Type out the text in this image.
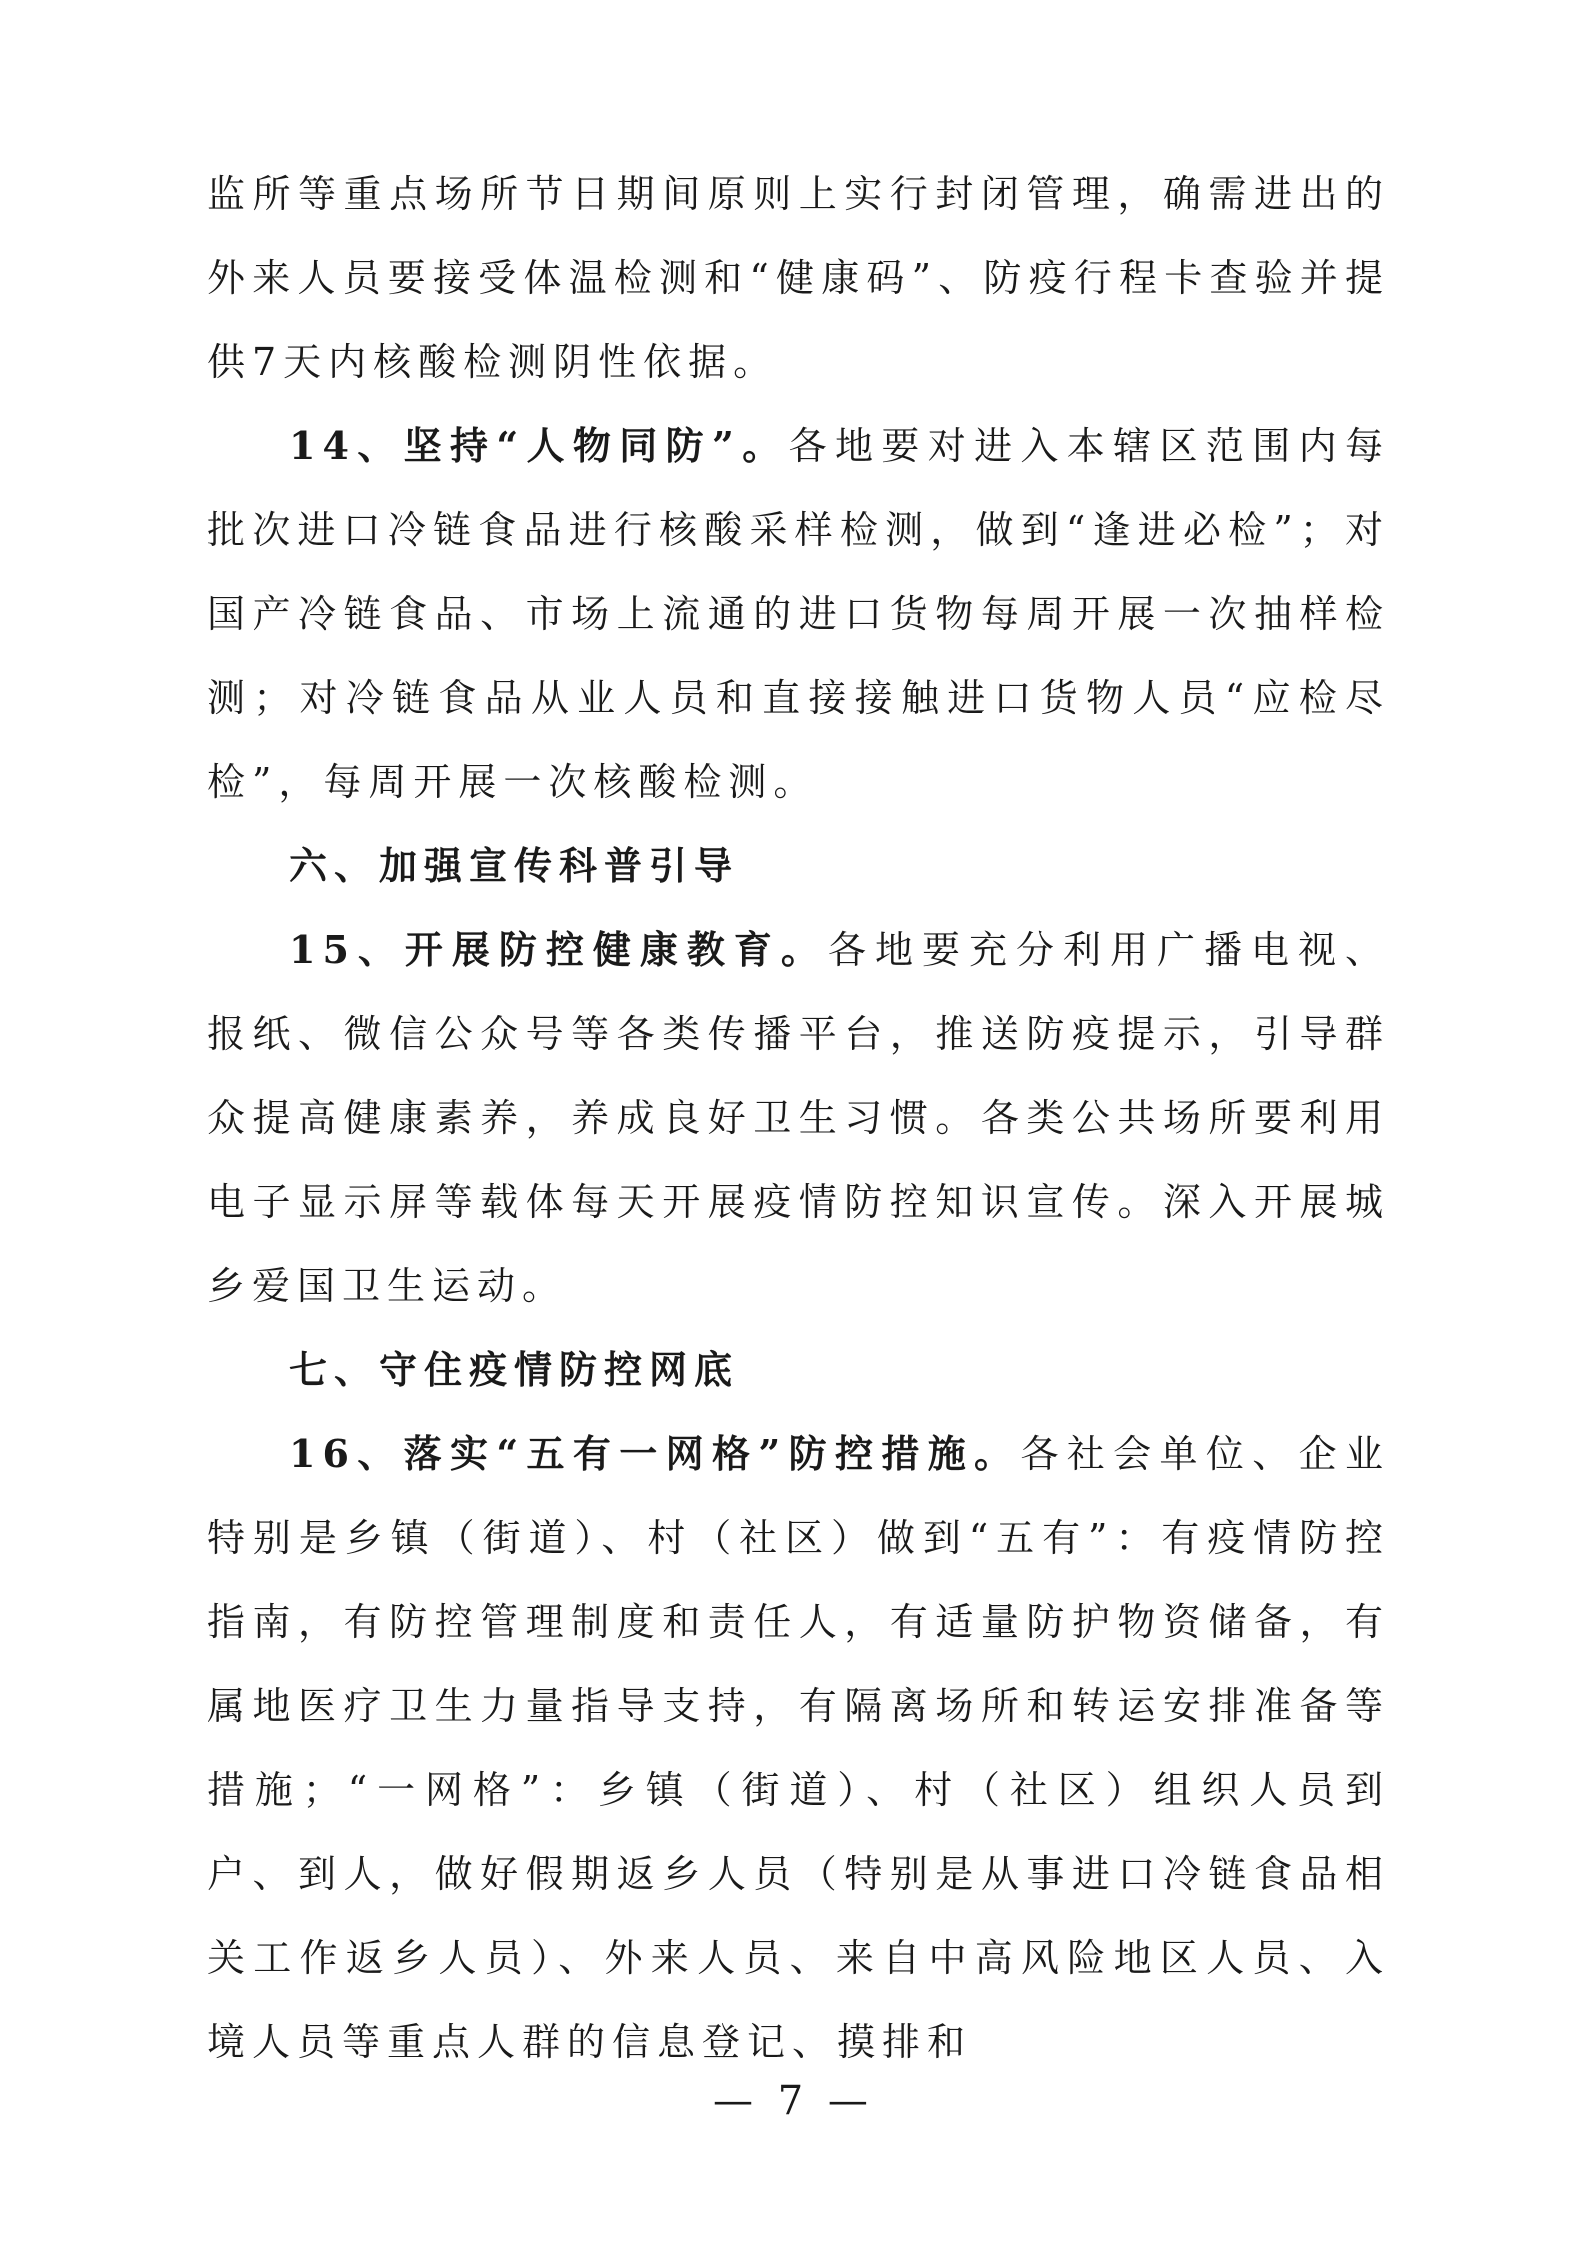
监所等重点场所节日期间原则上实行封闭管理，确需进出的外来人员要接受体温检测和“健康码”、防疫行程卡查验并提供7天内核酸检测阴性依据。

14、坚持“人物同防”。各地要对进入本辖区范围内每批次进口冷链食品进行核酸采样检测，做到“逢进必检”；对国产冷链食品、市场上流通的进口货物每周开展一次抽样检测；对冷链食品从业人员和直接接触进口货物人员“应检尽检”，每周开展一次核酸检测。

六、加强宣传科普引导

15、开展防控健康教育。各地要充分利用广播电视、报纸、微信公众号等各类传播平台，推送防疫提示，引导群众提高健康素养，养成良好卫生习惯。各类公共场所要利用电子显示屏等载体每天开展疫情防控知识宣传。深入开展城乡爱国卫生运动。

七、守住疫情防控网底

16、落实“五有一网格”防控措施。各社会单位、企业特别是乡镇（街道）、村（社区）做到“五有”：有疫情防控指南，有防控管理制度和责任人，有适量防护物资储备，有属地医疗卫生力量指导支持，有隔离场所和转运安排准备等措施；“一网格”：乡镇（街道）、村（社区）组织人员到户、到人，做好假期返乡人员（特别是从事进口冷链食品相关工作返乡人员）、外来人员、来自中高风险地区人员、入境人员等重点人群的信息登记、摸排和

— 7 —
